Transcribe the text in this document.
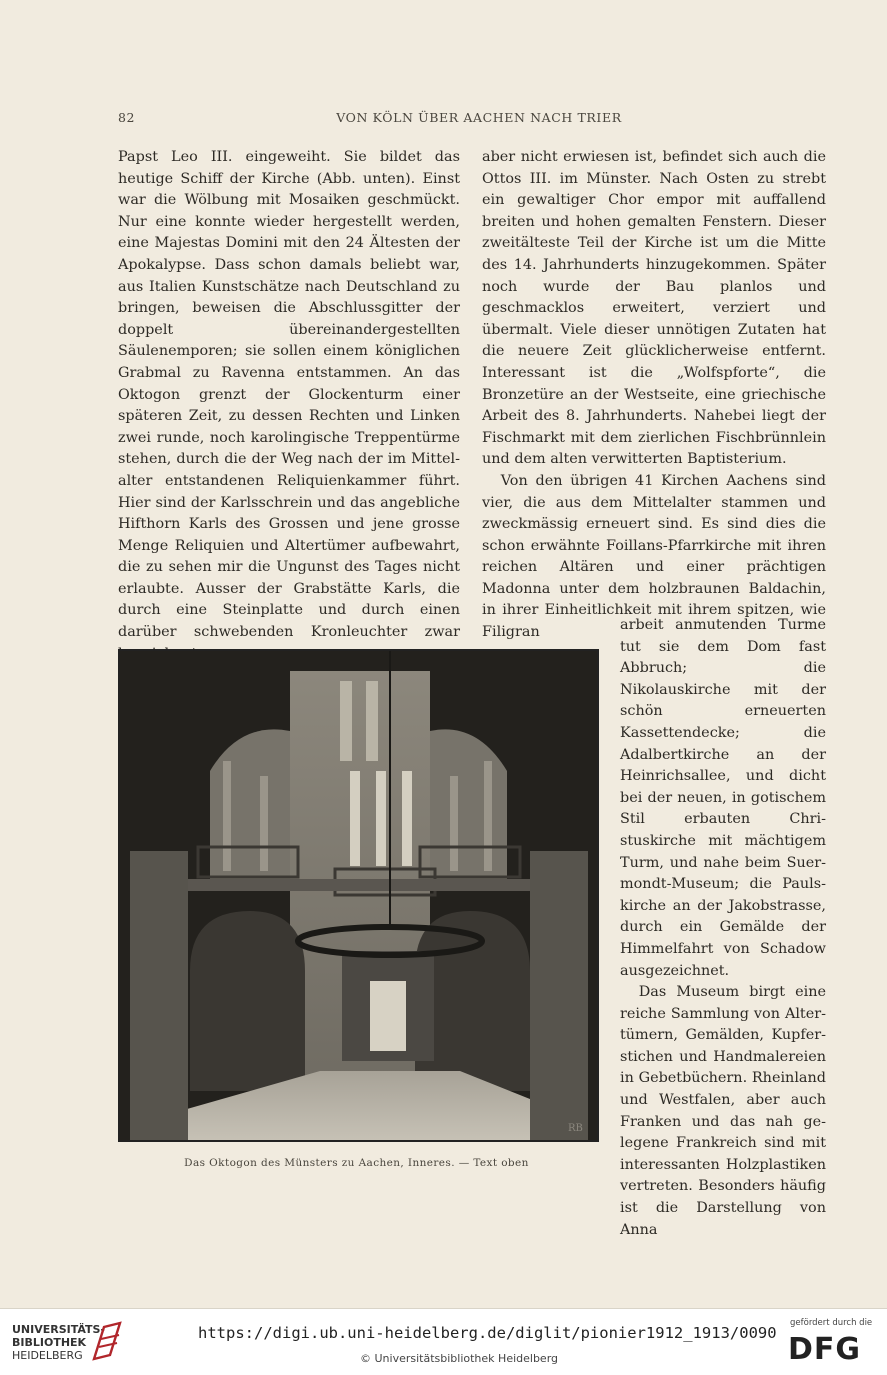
82	VON KÖLN ÜBER AACHEN NACH TRIER

Papst Leo III. eingeweiht. Sie bildet das heutige Schiff der Kirche (Abb. unten). Einst war die Wölbung mit Mosaiken geschmückt. Nur eine konnte wieder hergestellt werden, eine Majestas Domini mit den 24 Ältesten der Apokalypse. Dass schon damals beliebt war, aus Italien Kunstschätze nach Deutschland zu bringen, beweisen die Abschlussgitter der doppelt übereinandergestellten Säulenemporen; sie sollen einem königlichen Grabmal zu Ravenna entstammen. An das Oktogon grenzt der Glockenturm einer späteren Zeit, zu dessen Rechten und Linken zwei runde, noch karolingische Treppentürme stehen, durch die der Weg nach der im Mittelalter entstandenen Reliquienkammer führt. Hier sind der Karlsschrein und das angebliche Hifthorn Karls des Grossen und jene grosse Menge Reliquien und Altertümer aufbewahrt, die zu sehen mir die Ungunst des Tages nicht erlaubte. Ausser der Grabstätte Karls, die durch eine Steinplatte und durch einen darüber schwebenden Kronleuchter zwar

aber nicht erwiesen ist, befindet sich auch die Ottos III. im Münster. Nach Osten zu strebt ein gewaltiger Chor empor mit auffallend breiten und hohen gemalten Fenstern. Dieser zweitälteste Teil der Kirche ist um die Mitte des 14. Jahrhunderts hinzugekommen. Später noch wurde der Bau planlos und geschmacklos erweitert, verziert und übermalt. Viele dieser unnötigen Zutaten hat die neuere Zeit glücklicherweise entfernt. Interessant ist die „Wolfspforte“, die Bronzetüre an der Westseite, eine griechische Arbeit des 8. Jahrhunderts. Nahebei liegt der Fischmarkt mit dem zierlichen Fischbrünnlein und dem alten verwitterten Baptisterium.

Von den übrigen 41 Kirchen Aachens sind vier, die aus dem Mittelalter stammen und zweckmässig erneuert sind. Es sind dies die schon erwähnte Foillans-Pfarrkirche mit ihren reichen Altären und einer prächtigen Madonna unter dem holzbraunen Baldachin, in ihrer Einheitlichkeit mit ihrem spitzen, wie Filigran	arbeit anmutenden Turme tut sie dem Dom fast Abbruch; die Nikolauskirche mit der schön erneuerten Kassettendecke; die Adalbertkirche an der Heinrichsallee, und dicht bei der neuen, in gotischem Stil erbauten Christuskirche mit mächtigem Turm, und nahe beim Suermondt-Museum; die Paulskirche an der Jakobstrasse, durch ein Gemälde der Himmelfahrt von Schadow ausgezeichnet.

Das Museum birgt eine reiche Sammlung von Altertümern, Gemälden, Kupferstichen und Handmalereien in Gebetbüchern. Rheinland und Westfalen, aber auch Franken und das nah gelegene Frankreich sind mit interessanten Holzplastiken vertreten. Besonders häufig ist die Darstellung von Anna

RB
Das Oktogon des Münsters zu Aachen, Inneres. — Text oben
UNIVERSITÄTS-
BIBLIOTHEK
HEIDELBERG
https://digi.ub.uni-heidelberg.de/diglit/pionier1912_1913/0090
© Universitätsbibliothek Heidelberg
gefördert durch die
DFG
